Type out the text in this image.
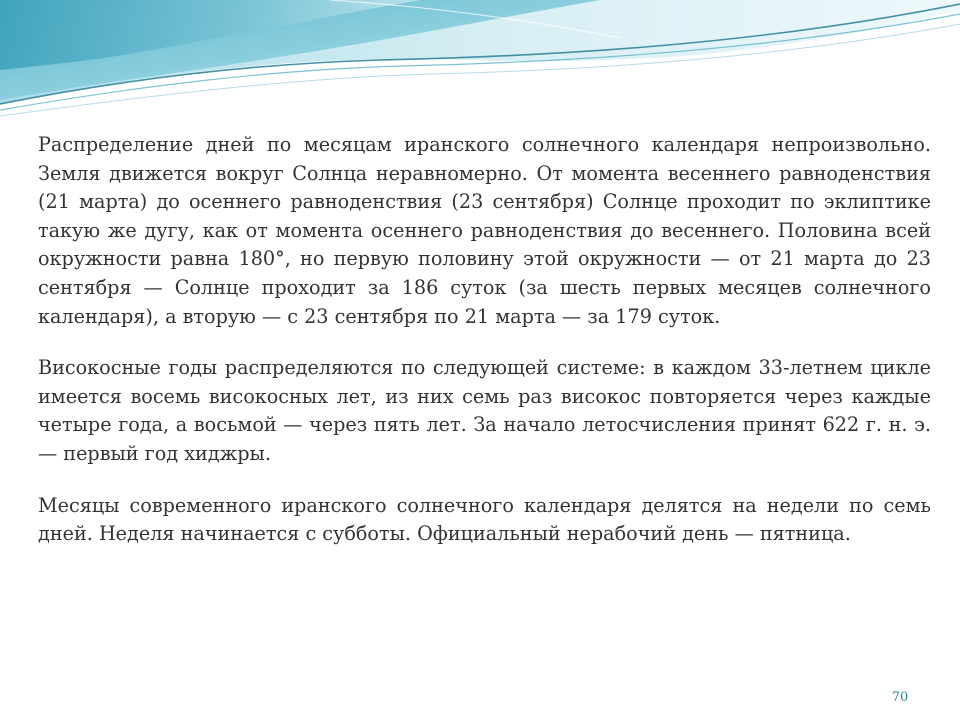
Распределение дней по месяцам иранского солнечного календаря непроизвольно. Земля движется вокруг Солнца неравномерно. От момента весеннего равноденствия (21 марта) до осеннего равноденствия (23 сентября) Солнце проходит по эклиптике такую же дугу, как от момента осеннего равноденствия до весеннего. Половина всей окружности равна 180°, но первую половину этой окружности — от 21 марта до 23 сентября — Солнце проходит за 186 суток (за шесть первых месяцев солнечного календаря), а вторую — с 23 сентября по 21 марта — за 179 суток.

Високосные годы распределяются по следующей системе: в каждом 33-летнем цикле имеется восемь високосных лет, из них семь раз високос повторяется через каждые четыре года, а восьмой — через пять лет. За начало летосчисления принят 622 г. н. э.— первый год хиджры.

Месяцы современного иранского солнечного календаря делятся на недели по семь дней. Неделя начинается с субботы. Официальный нерабочий день — пятница.

70
